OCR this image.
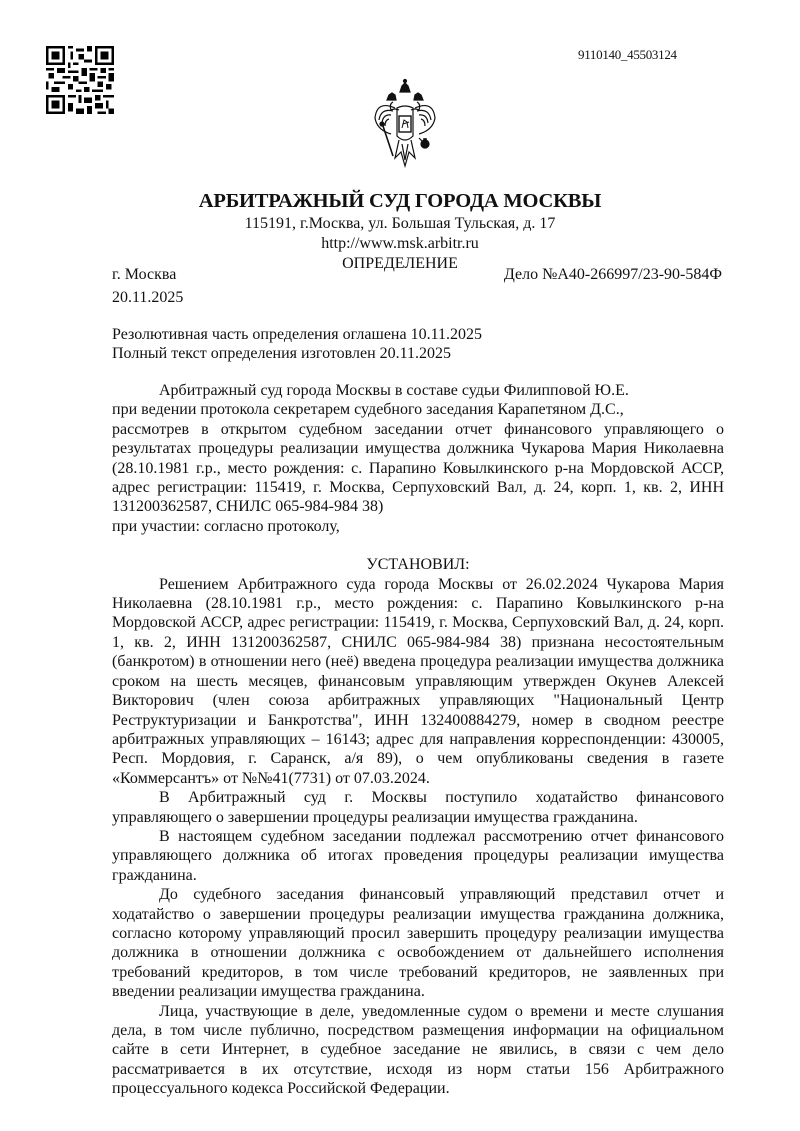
9110140_45503124
АРБИТРАЖНЫЙ СУД ГОРОДА МОСКВЫ
115191, г.Москва, ул. Большая Тульская, д. 17
http://www.msk.arbitr.ru
ОПРЕДЕЛЕНИЕ
г. Москва	Дело №А40-266997/23-90-584Ф
20.11.2025
Резолютивная часть определения оглашена 10.11.2025
Полный текст определения изготовлен 20.11.2025

Арбитражный суд города Москвы в составе судьи Филипповой Ю.Е.

при ведении протокола секретарем судебного заседания Карапетяном Д.С.,

рассмотрев в открытом судебном заседании отчет финансового управляющего о результатах процедуры реализации имущества должника Чукарова Мария Николаевна (28.10.1981 г.р., место рождения: с. Парапино Ковылкинского р-на Мордовской АССР, адрес регистрации: 115419, г. Москва, Серпуховский Вал, д. 24, корп. 1, кв. 2, ИНН 131200362587, СНИЛС 065-984-984 38)

при участии: согласно протоколу,

УСТАНОВИЛ:

Решением Арбитражного суда города Москвы от 26.02.2024 Чукарова Мария Николаевна (28.10.1981 г.р., место рождения: с. Парапино Ковылкинского р-на Мордовской АССР, адрес регистрации: 115419, г. Москва, Серпуховский Вал, д. 24, корп. 1, кв. 2, ИНН 131200362587, СНИЛС 065-984-984 38) признана несостоятельным (банкротом) в отношении него (неё) введена процедура реализации имущества должника сроком на шесть месяцев, финансовым управляющим утвержден Окунев Алексей Викторович (член союза арбитражных управляющих "Национальный Центр Реструктуризации и Банкротства", ИНН 132400884279, номер в сводном реестре арбитражных управляющих – 16143; адрес для направления корреспонденции: 430005, Респ. Мордовия, г. Саранск, а/я 89), о чем опубликованы сведения в газете «Коммерсантъ» от №№41(7731) от 07.03.2024.

В Арбитражный суд г. Москвы поступило ходатайство финансового управляющего о завершении процедуры реализации имущества гражданина.

В настоящем судебном заседании подлежал рассмотрению отчет финансового управляющего должника об итогах проведения процедуры реализации имущества гражданина.

До судебного заседания финансовый управляющий представил отчет и ходатайство о завершении процедуры реализации имущества гражданина должника, согласно которому управляющий просил завершить процедуру реализации имущества должника в отношении должника с освобождением от дальнейшего исполнения требований кредиторов, в том числе требований кредиторов, не заявленных при введении реализации имущества гражданина.

Лица, участвующие в деле, уведомленные судом о времени и месте слушания дела, в том числе публично, посредством размещения информации на официальном сайте в сети Интернет, в судебное заседание не явились, в связи с чем дело рассматривается в их отсутствие, исходя из норм статьи 156 Арбитражного процессуального кодекса Российской Федерации.
